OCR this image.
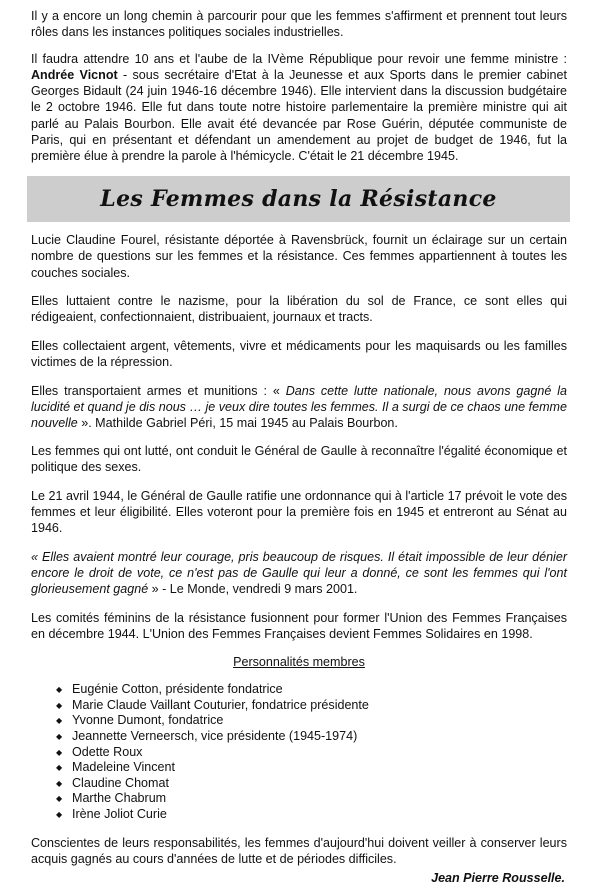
Il y a encore un long chemin à parcourir pour que les femmes s'affirment et prennent tout leurs rôles dans les instances politiques sociales industrielles.

Il faudra attendre 10 ans et l'aube de la IVème République pour revoir une femme ministre : Andrée Vicnot - sous secrétaire d'Etat à la Jeunesse et aux Sports dans le premier cabinet Georges Bidault (24 juin 1946-16 décembre 1946). Elle intervient dans la discussion budgétaire le 2 octobre 1946. Elle fut dans toute notre histoire parlementaire la première ministre qui ait parlé au Palais Bourbon. Elle avait été devancée par Rose Guérin, députée communiste de Paris, qui en présentant et défendant un amendement au projet de budget de 1946, fut la première élue à prendre la parole à l'hémicycle. C'était le 21 décembre 1945.

Les Femmes dans la Résistance

Lucie Claudine Fourel, résistante déportée à Ravensbrück, fournit un éclairage sur un certain nombre de questions sur les femmes et la résistance. Ces femmes appartiennent à toutes les couches sociales.

Elles luttaient contre le nazisme, pour la libération du sol de France, ce sont elles qui rédigeaient, confectionnaient, distribuaient, journaux et tracts.

Elles collectaient argent, vêtements, vivre et médicaments pour les maquisards ou les familles victimes de la répression.

Elles transportaient armes et munitions : « Dans cette lutte nationale, nous avons gagné la lucidité et quand je dis nous … je veux dire toutes les femmes. Il a surgi de ce chaos une femme nouvelle ». Mathilde Gabriel Péri, 15 mai 1945 au Palais Bourbon.

Les femmes qui ont lutté, ont conduit le Général de Gaulle à reconnaître l'égalité économique et politique des sexes.

Le 21 avril 1944, le Général de Gaulle ratifie une ordonnance qui à l'article 17 prévoit le vote des femmes et leur éligibilité. Elles voteront pour la première fois en 1945 et entreront au Sénat au 1946.

« Elles avaient montré leur courage, pris beaucoup de risques. Il était impossible de leur dénier encore le droit de vote, ce n'est pas de Gaulle qui leur a donné, ce sont les femmes qui l'ont glorieusement gagné » - Le Monde, vendredi 9 mars 2001.

Les comités féminins de la résistance fusionnent pour former l'Union des Femmes Françaises en décembre 1944. L'Union des Femmes Françaises devient Femmes Solidaires en 1998.

Personnalités membres
◆ Eugénie Cotton, présidente fondatrice
◆ Marie Claude Vaillant Couturier, fondatrice présidente
◆ Yvonne Dumont, fondatrice
◆ Jeannette Verneersch, vice présidente (1945-1974)
◆ Odette Roux
◆ Madeleine Vincent
◆ Claudine Chomat
◆ Marthe Chabrum
◆ Irène Joliot Curie

Conscientes de leurs responsabilités, les femmes d'aujourd'hui doivent veiller à conserver leurs acquis gagnés au cours d'années de lutte et de périodes difficiles.

Jean Pierre Rousselle.
